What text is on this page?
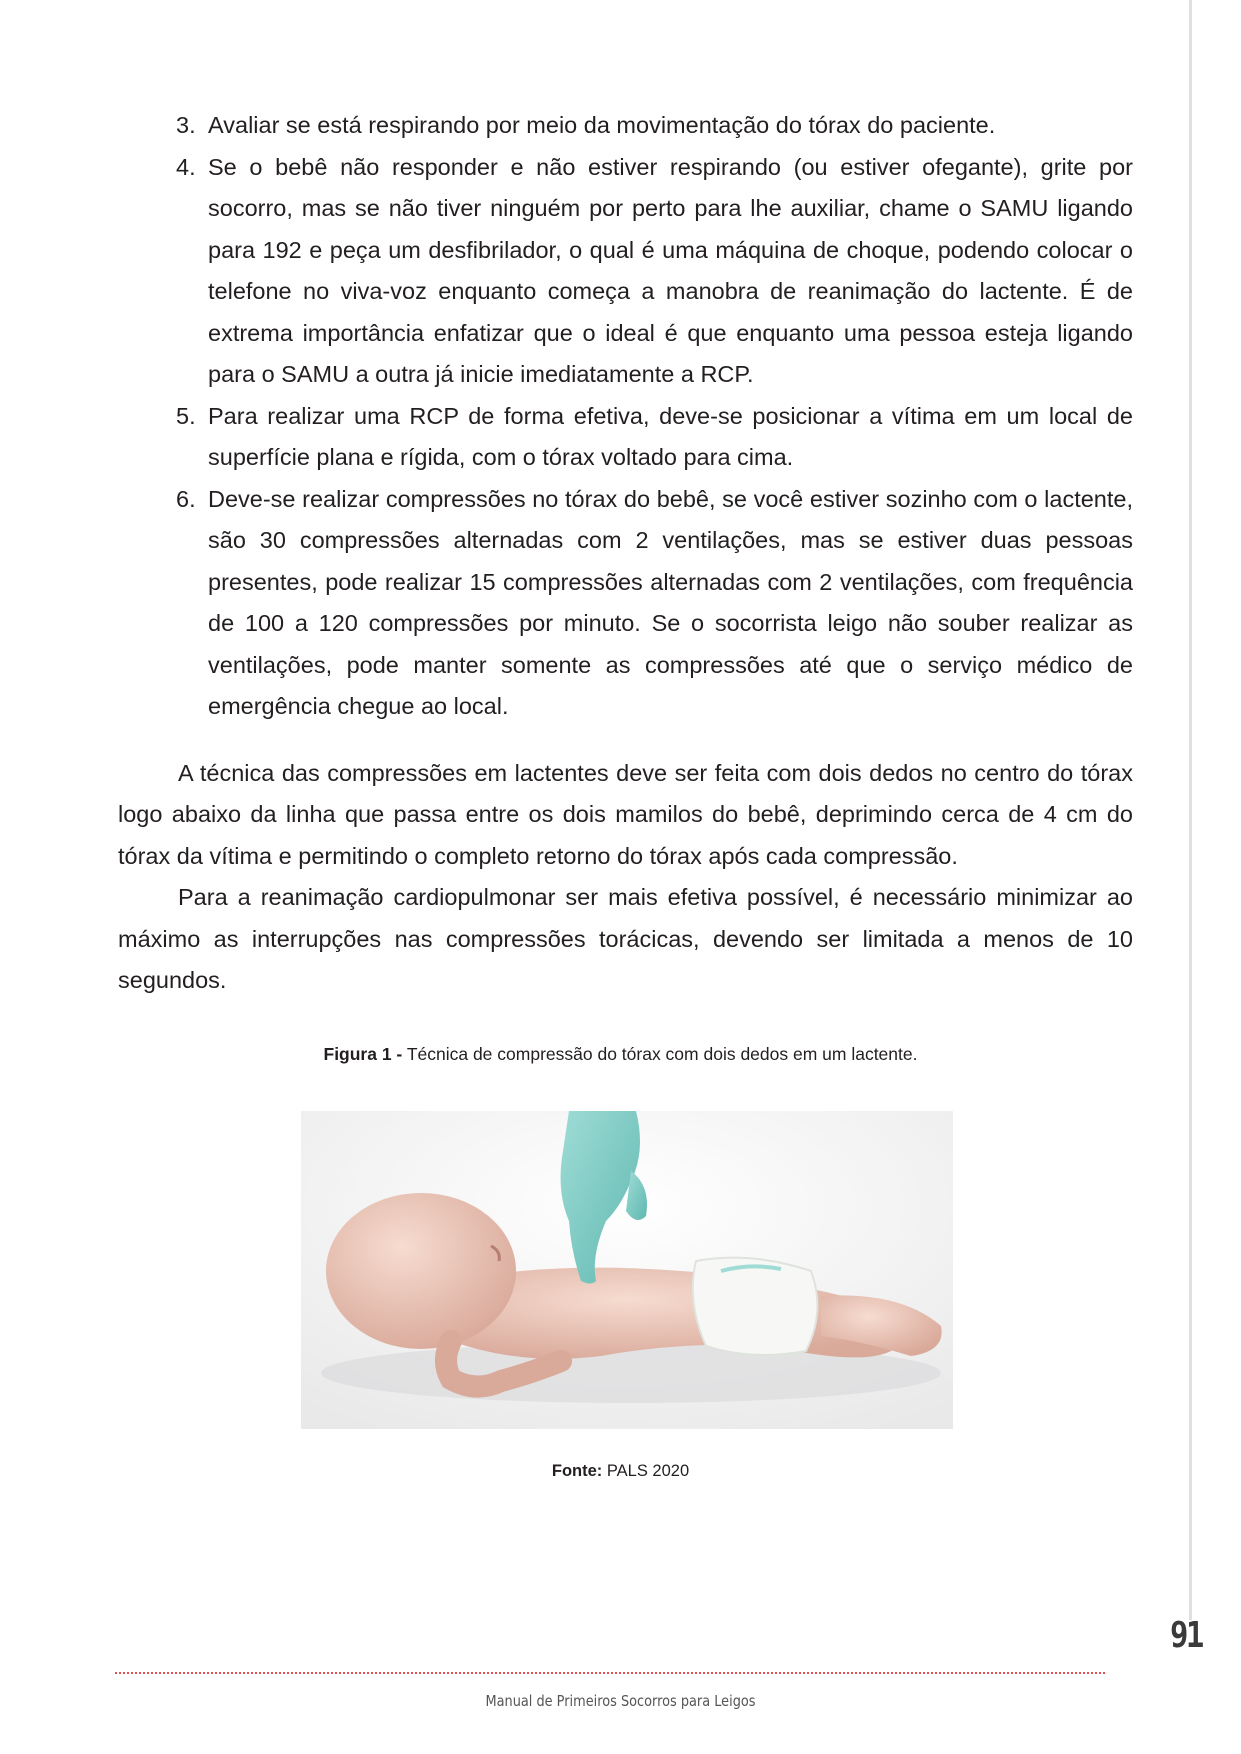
3. Avaliar se está respirando por meio da movimentação do tórax do paciente.
4. Se o bebê não responder e não estiver respirando (ou estiver ofegante), grite por socorro, mas se não tiver ninguém por perto para lhe auxiliar, chame o SAMU ligando para 192 e peça um desfibrilador, o qual é uma máquina de choque, podendo colocar o telefone no viva-voz enquanto começa a manobra de reanimação do lactente. É de extrema importância enfatizar que o ideal é que enquanto uma pessoa esteja ligando para o SAMU a outra já inicie imediatamente a RCP.
5. Para realizar uma RCP de forma efetiva, deve-se posicionar a vítima em um local de superfície plana e rígida, com o tórax voltado para cima.
6. Deve-se realizar compressões no tórax do bebê, se você estiver sozinho com o lactente, são 30 compressões alternadas com 2 ventilações, mas se estiver duas pessoas presentes, pode realizar 15 compressões alternadas com 2 ventilações, com frequência de 100 a 120 compressões por minuto. Se o socorrista leigo não souber realizar as ventilações, pode manter somente as compressões até que o serviço médico de emergência chegue ao local.

A técnica das compressões em lactentes deve ser feita com dois dedos no centro do tórax logo abaixo da linha que passa entre os dois mamilos do bebê, deprimindo cerca de 4 cm do tórax da vítima e permitindo o completo retorno do tórax após cada compressão.

Para a reanimação cardiopulmonar ser mais efetiva possível, é necessário minimizar ao máximo as interrupções nas compressões torácicas, devendo ser limitada a menos de 10 segundos.

Figura 1 - Técnica de compressão do tórax com dois dedos em um lactente.
Fonte: PALS 2020
91
Manual de Primeiros Socorros para Leigos
